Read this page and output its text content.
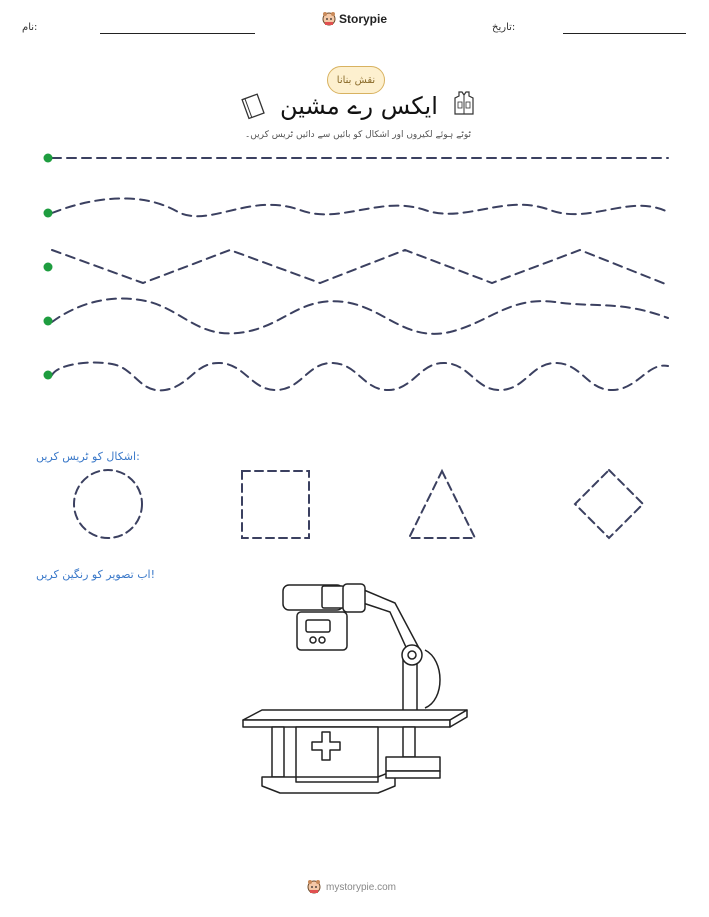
نام:
Storypie
تاریخ:
نقش بنانا
ایکس رے مشین
ٹوٹے ہوئے لکیروں اور اشکال کو بائیں سے دائیں ٹریس کریں۔
اشکال کو ٹریس کریں:
اب تصویر کو رنگین کریں!
mystorypie.com
